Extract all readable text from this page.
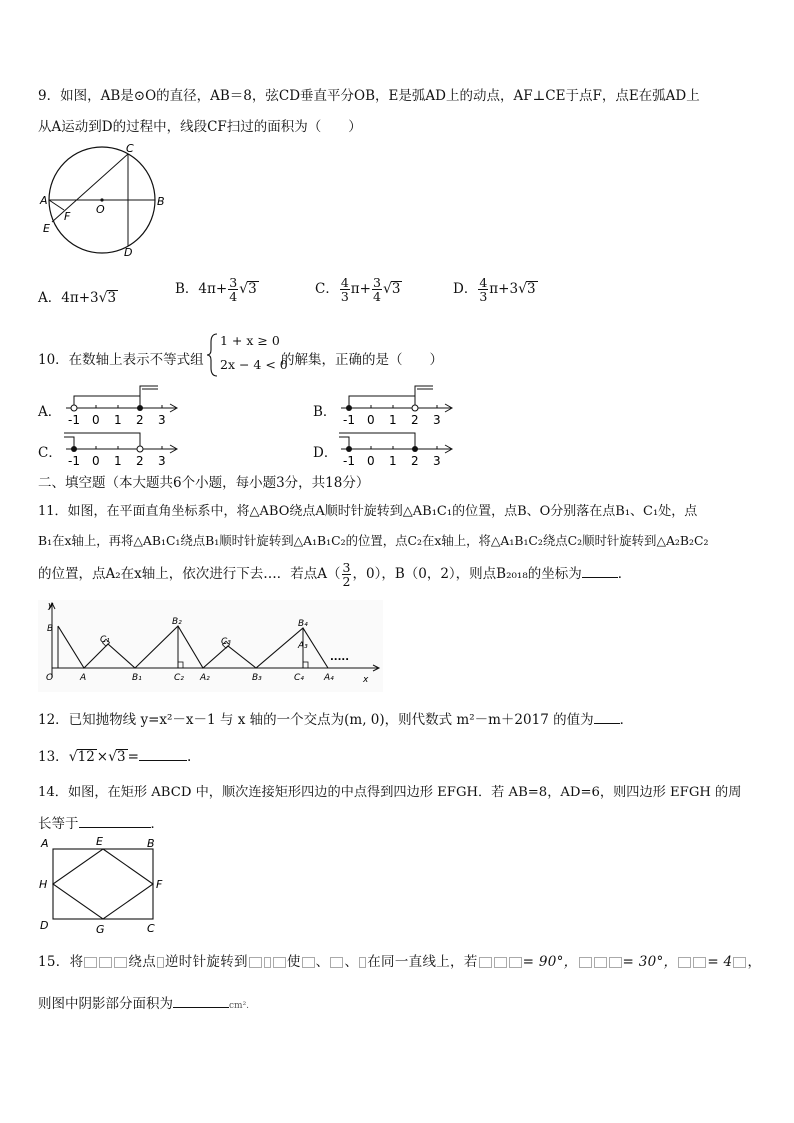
9．如图，AB是⊙O的直径，AB＝8，弦CD垂直平分OB，E是弧AD上的动点，AF⊥CE于点F，点E在弧AD上
从A运动到D的过程中，线段CF扫过的面积为（　　）
C
A	B
D
E
F
O
A．4π+3√3
B．$4\pi+ \frac{3}{4} √3$	C． $\frac{4}{3} \pi+ \frac{3}{4} √3$	D． $\frac{4}{3} \pi+3√3$
10．在数轴上表示不等式组
1 + x ≥ 0
2x − 4 < 0
的解集，正确的是（　　）
A． -1 0 1 2 3	B． -1 0 1 2 3
C． -1 0 1 2 3	D． -1 0 1 2 3
二、填空题（本大题共6个小题，每小题3分，共18分）
11．如图，在平面直角坐标系中，将△ABO绕点A顺时针旋转到△AB₁C₁的位置，点B、O分别落在点B₁、C₁处，点
B₁在x轴上，再将△AB₁C₁绕点B₁顺时针旋转到△A₁B₁C₂的位置，点C₂在x轴上，将△A₁B₁C₂绕点C₂顺时针旋转到△A₂B₂C₂
的位置，点A₂在x轴上，依次进行下去…．若点$A( \frac{3}{2}$ ，0），B（0，2），则点B₂₀₁₈的坐标为	．
y
x
O
B
A
C₁
B₁
B₂
C₂ A₂
C₃
B₃
B₄
A₃
C₄ A₄
.....
12．已知抛物线 y=x²－x－1 与 x 轴的一个交点为(m, 0)，则代数式 m²－m＋2017 的值为 ．
13．√12 ×√3 =	.
14．如图，在矩形 ABCD 中，顺次连接矩形四边的中点得到四边形 EFGH．若 AB=8，AD=6，则四边形 EFGH 的周
长等于	．
A	B
C
D
E
F
G
H
15．将	绕点 逆时针旋转到	使 、 、 在同一直线上，若	= 90°，	= 30°， = 4 ，
则图中阴影部分面积为	cm².
